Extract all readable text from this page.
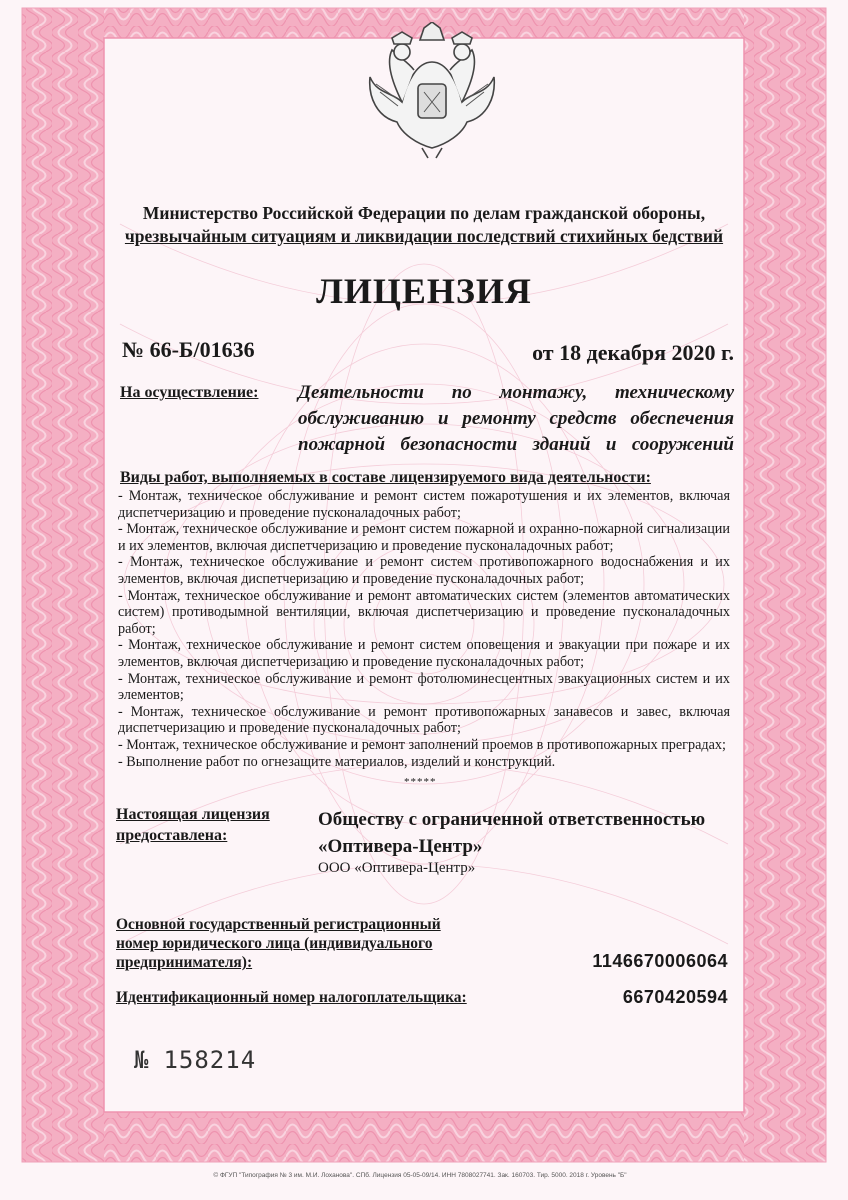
Министерство Российской Федерации по делам гражданской обороны,
чрезвычайным ситуациям и ликвидации последствий стихийных бедствий
ЛИЦЕНЗИЯ
№ 66-Б/01636	от 18 декабря 2020 г.
На осуществление: Деятельности по монтажу, техническому обслуживанию и ремонту средств обеспечения пожарной безопасности зданий и сооружений
Виды работ, выполняемых в составе лицензируемого вида деятельности:
- Монтаж, техническое обслуживание и ремонт систем пожаротушения и их элементов, включая диспетчеризацию и проведение пусконаладочных работ;
- Монтаж, техническое обслуживание и ремонт систем пожарной и охранно-пожарной сигнализации и их элементов, включая диспетчеризацию и проведение пусконаладочных работ;
- Монтаж, техническое обслуживание и ремонт систем противопожарного водоснабжения и их элементов, включая диспетчеризацию и проведение пусконаладочных работ;
- Монтаж, техническое обслуживание и ремонт автоматических систем (элементов автоматических систем) противодымной вентиляции, включая диспетчеризацию и проведение пусконаладочных работ;
- Монтаж, техническое обслуживание и ремонт систем оповещения и эвакуации при пожаре и их элементов, включая диспетчеризацию и проведение пусконаладочных работ;
- Монтаж, техническое обслуживание и ремонт фотолюминесцентных эвакуационных систем и их элементов;
- Монтаж, техническое обслуживание и ремонт противопожарных занавесов и завес, включая диспетчеризацию и проведение пусконаладочных работ;
- Монтаж, техническое обслуживание и ремонт заполнений проемов в противопожарных преградах;
- Выполнение работ по огнезащите материалов, изделий и конструкций.
*****
Настоящая лицензия предоставлена:
Обществу с ограниченной ответственностью «Оптивера-Центр»
ООО «Оптивера-Центр»
Основной государственный регистрационный номер юридического лица (индивидуального предпринимателя):	1146670006064
Идентификационный номер налогоплательщика:	6670420594
№ 158214
© ФГУП "Типография № 3 им. М.И. Лоханова". СПб. Лицензия 05-05-09/14. ИНН 7808027741. Зак. 160703. Тир. 5000. 2018 г. Уровень "Б"
